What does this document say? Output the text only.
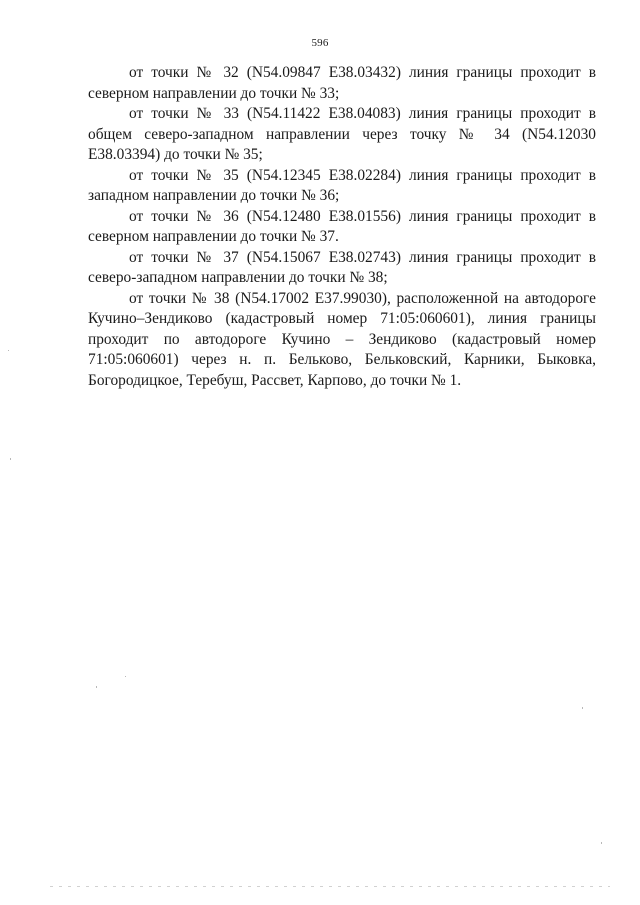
596

от точки № 32 (N54.09847 E38.03432) линия границы проходит в северном направлении до точки № 33;

от точки № 33 (N54.11422 E38.04083) линия границы проходит в общем северо-западном направлении через точку № 34 (N54.12030 E38.03394) до точки № 35;

от точки № 35 (N54.12345 E38.02284) линия границы проходит в западном направлении до точки № 36;

от точки № 36 (N54.12480 E38.01556) линия границы проходит в северном направлении до точки № 37.

от точки № 37 (N54.15067 E38.02743) линия границы проходит в северо-западном направлении до точки № 38;

от точки № 38 (N54.17002 E37.99030), расположенной на автодороге Кучино–Зендиково (кадастровый номер 71:05:060601), линия границы проходит по автодороге Кучино – Зендиково (кадастровый номер 71:05:060601) через н. п. Бельково, Бельковский, Карники, Быковка, Богородицкое, Теребуш, Рассвет, Карпово, до точки № 1.
